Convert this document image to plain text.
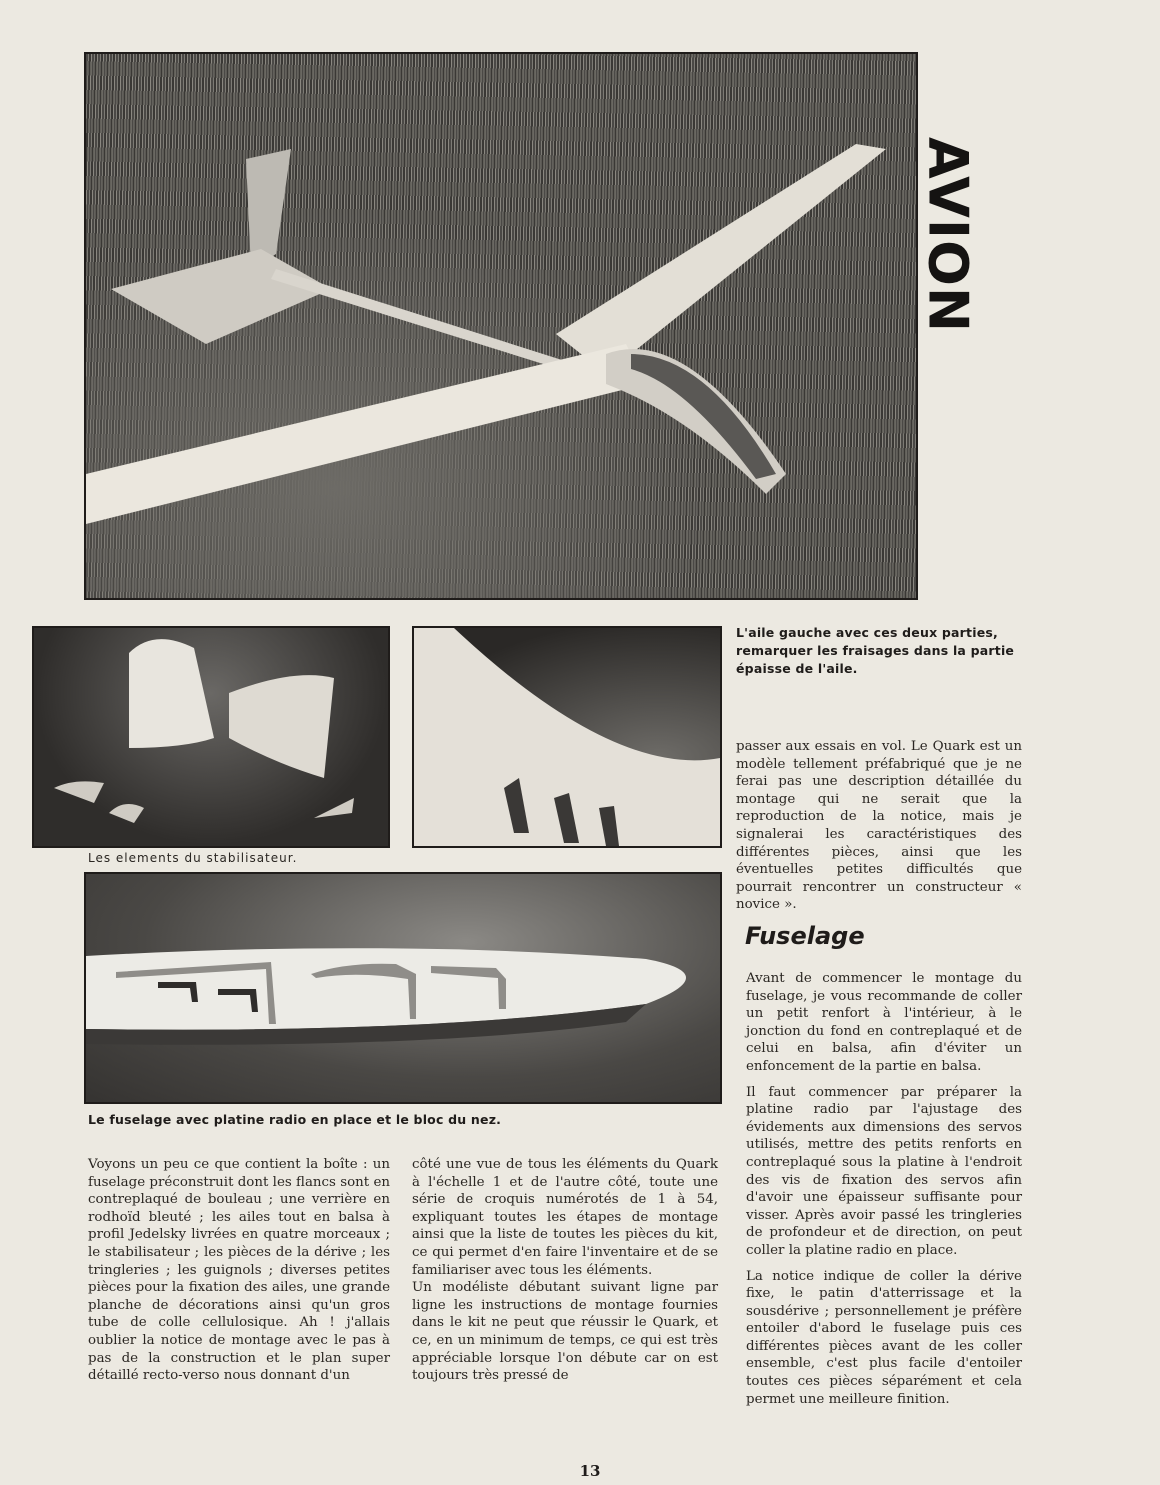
AVION
L'aile gauche avec ces deux parties, remarquer les fraisages dans la partie épaisse de l'aile.
Les elements du stabilisateur.
Le fuselage avec platine radio en place et le bloc du nez.

Voyons un peu ce que contient la boîte : un fuselage préconstruit dont les flancs sont en contreplaqué de bouleau ; une verrière en rodhoïd bleuté ; les ailes tout en balsa à profil Jedelsky livrées en quatre morceaux ; le stabilisateur ; les pièces de la dérive ; les tringleries ; les guignols ; diverses petites pièces pour la fixation des ailes, une grande planche de décorations ainsi qu'un gros tube de colle cellulosique. Ah ! j'allais oublier la notice de montage avec le pas à pas de la construction et le plan super détaillé recto-verso nous donnant d'un

côté une vue de tous les éléments du Quark à l'échelle 1 et de l'autre côté, toute une série de croquis numérotés de 1 à 54, expliquant toutes les étapes de montage ainsi que la liste de toutes les pièces du kit, ce qui permet d'en faire l'inventaire et de se familiariser avec tous les éléments.

Un modéliste débutant suivant ligne par ligne les instructions de montage fournies dans le kit ne peut que réussir le Quark, et ce, en un minimum de temps, ce qui est très appréciable lorsque l'on débute car on est toujours très pressé de

passer aux essais en vol. Le Quark est un modèle tellement préfabriqué que je ne ferai pas une description détaillée du montage qui ne serait que la reproduction de la notice, mais je signalerai les caractéristiques des différentes pièces, ainsi que les éventuelles petites difficultés que pourrait rencontrer un constructeur « novice ».

Fuselage

Avant de commencer le montage du fuselage, je vous recommande de coller un petit renfort à l'intérieur, à le jonction du fond en contreplaqué et de celui en balsa, afin d'éviter un enfoncement de la partie en balsa.

Il faut commencer par préparer la platine radio par l'ajustage des évidements aux dimensions des servos utilisés, mettre des petits renforts en contreplaqué sous la platine à l'endroit des vis de fixation des servos afin d'avoir une épaisseur suffisante pour visser. Après avoir passé les tringleries de profondeur et de direction, on peut coller la platine radio en place.

La notice indique de coller la dérive fixe, le patin d'atterrissage et la sousdérive ; personnellement je préfère entoiler d'abord le fuselage puis ces différentes pièces avant de les coller ensemble, c'est plus facile d'entoiler toutes ces pièces séparément et cela permet une meilleure finition.

13
